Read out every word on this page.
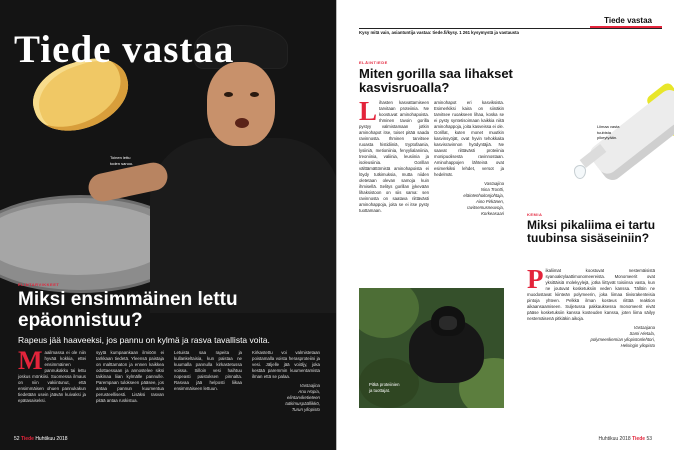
Tiede vastaa
Toinen lettu
toden sanoo.
ELINTARVIKKEET
Miksi ensimmäinen lettu epäonnistuu?
Rapeus jää haaveeksi, jos pannu on kylmä ja rasva tavallista voita.
Maailmassa ei ole niin hyvää kokkia, ettei ensimmäinen pannukakku tai lettu joskus mönkiisi. Suomessa ilmaus on niin vakiintunut, että ensimmäisen ohuen pannukakun tiedetään usein jäävän kuivaksi ja epätasaiseksi.
syytä kumpaankaan ilmiöön ei tarkkaan tiedetä. Yleensä paistaja on malttamaton ja ennen kaikkea odottaessaan ja annostelee siksi taikinaa liian kylmälle pannulle. Parempaan tulokseen pääsee, jos antaa pannun kuumentua perusteellisesti. Lisäksi rasvan pitää antaa ruskistua.
Letuista saa rapeita ja kullankeltaisia, kun paistaa ne kuumalla pannulla kirkastetussa voissa. Silloin vesi haihtuu nopeasti paistoksen pinnalta. Rasvaa jää helposti liikaa ensimmäiseen lettuun.
Kirkastettu voi valmistetaan poistamalla voista herasproteiini ja vesi. Jäljelle jää voiöljy, joka kestää paremmin kuumentamista ilman että se palaa.
Vastaajina
Anu Hopia,
elintarviketieteen tutkimuspäällikkö,
Turun yliopisto
52 Tiede Huhtikuu 2018
Tiede vastaa
Kysy mitä vain, asiantuntija vastaa: tiede.fi/kysy. 1 261 kysymystä ja vastausta
ELÄINTIEDE
Miten gorilla saa lihakset kasvisruoalla?
Lihasten kasvattamiseen tarvitaan proteiinia. Ne koostuvat aminohapoista. Ihminen tavoin gorilla pystyy valmistamaan jotkin aminohapot itse, toiset pitää saada ravinnosta. Ihminen tarvitsee ruoasta histidiiniä, tryptofaania, lysiiniä, metioniinia, fenyylialaniinia, treoniinia, valiinia, leusiinia ja isoleusiinia. Gorillan välttämättömistä aminohapoista ei löydy tutkimuksia, mutta niiden oletetaan olevan samoja kuin ihmisellä. Selitys gorillan jykevään lihaksistoon on siis sama: sen ravinnosta on saatava riittävästi aminohappoja, joita se ei itse pysty tuottamaan.
aminohapot eri kasviksista. Esimerkiksi kaira on siinäkin tarvitsee ruoakseen lihaa, koska se ei pysty syntetisoimaan kaikkia niitä aminohappoja, joita kasveissa ei ole. Gorillat, kuten monet muutkin kasvinsyöjät, ovat hyvin tehokkaita kasvisravinnon hyödyntäjiä. Ne saavat riittävästi proteiinia monipuolisesta ravinnostaan. Aminohappojen lähteinä ovat esimerkiksi lehdet, versot ja hedelmät.
Vastaajina
Nina Trontti,
eläintenhoitonjohtaja,
Aino Pirkänen,
ravitsemusneuvoja,
Korkeasaari
Pitkä proteiinien
ja tuottajat.
Liimaa vasta
tuubista
pikeytyään.
KEMIA
Miksi pikaliima ei tartu tuubinsa sisäseiniin?
Pikaliimat koostuvat nestemäisistä syanoakrylaattimonomeereista. Monomeerit ovat yksittäisiä molekyylejä, jotka liittyvät toisiinsa vasta, kun ne joutuvat kosketuksiin veden kanssa. Tällöin ne muodostavat kiinteän polymeerin, joka liimaa tiivisrakenteisia pintoja yhteen. Pelkkä ilman kosteus riittää reaktion aikaansaamiseen. Suljetussa pakkauksessa monomeerit eivät pääse kosketuksiin kanssa kosteuden kanssa, joten liima säilyy nestemäisenä pitkiäkin aikoja.
Vastaajana
Sami Hietala,
polymeerikemian yliopistonlehtori,
Helsingin yliopisto
Huhtikuu 2018 Tiede 53
